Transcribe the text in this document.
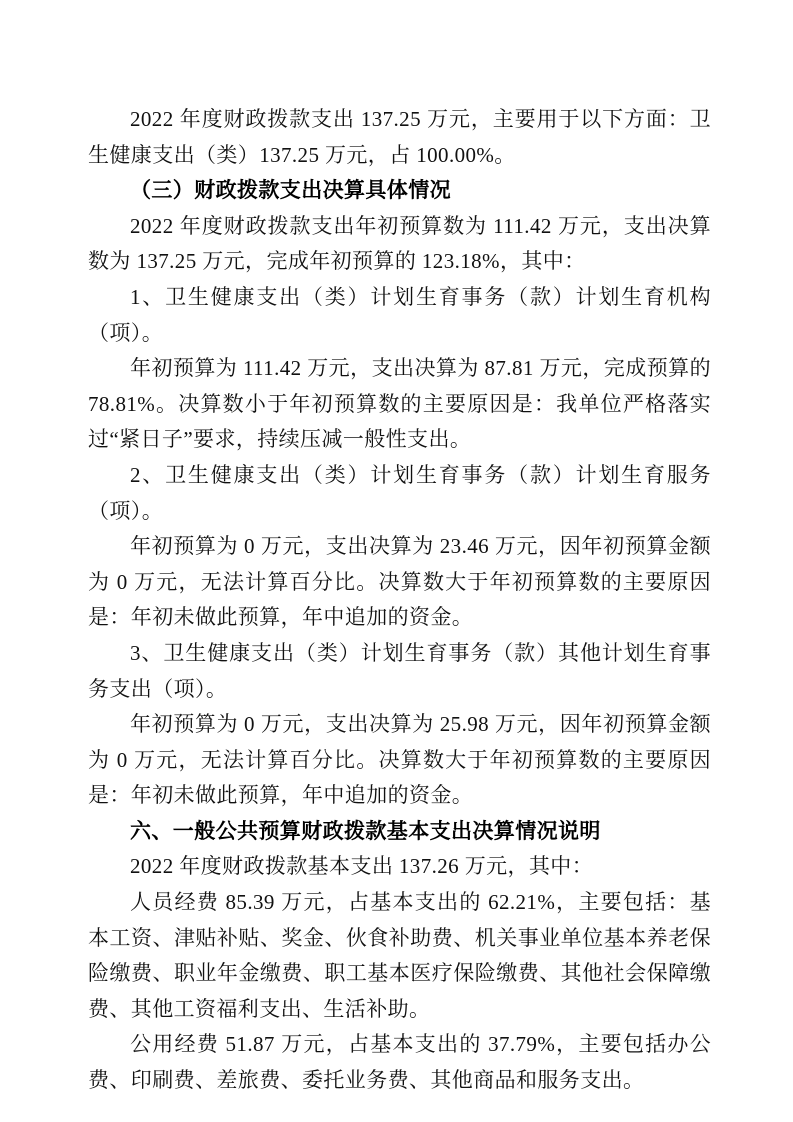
2022 年度财政拨款支出 137.25 万元，主要用于以下方面：卫生健康支出（类）137.25 万元，占 100.00%。

（三）财政拨款支出决算具体情况

2022 年度财政拨款支出年初预算数为 111.42 万元，支出决算数为 137.25 万元，完成年初预算的 123.18%，其中：

1、卫生健康支出（类）计划生育事务（款）计划生育机构（项）。

年初预算为 111.42 万元，支出决算为 87.81 万元，完成预算的 78.81%。决算数小于年初预算数的主要原因是：我单位严格落实过“紧日子”要求，持续压减一般性支出。

2、卫生健康支出（类）计划生育事务（款）计划生育服务（项）。

年初预算为 0 万元，支出决算为 23.46 万元，因年初预算金额为 0 万元，无法计算百分比。决算数大于年初预算数的主要原因是：年初未做此预算，年中追加的资金。

3、卫生健康支出（类）计划生育事务（款）其他计划生育事务支出（项）。

年初预算为 0 万元，支出决算为 25.98 万元，因年初预算金额为 0 万元，无法计算百分比。决算数大于年初预算数的主要原因是：年初未做此预算，年中追加的资金。

六、一般公共预算财政拨款基本支出决算情况说明

2022 年度财政拨款基本支出 137.26 万元，其中：

人员经费 85.39 万元，占基本支出的 62.21%，主要包括：基本工资、津贴补贴、奖金、伙食补助费、机关事业单位基本养老保险缴费、职业年金缴费、职工基本医疗保险缴费、其他社会保障缴费、其他工资福利支出、生活补助。

公用经费 51.87 万元，占基本支出的 37.79%，主要包括办公费、印刷费、差旅费、委托业务费、其他商品和服务支出。
